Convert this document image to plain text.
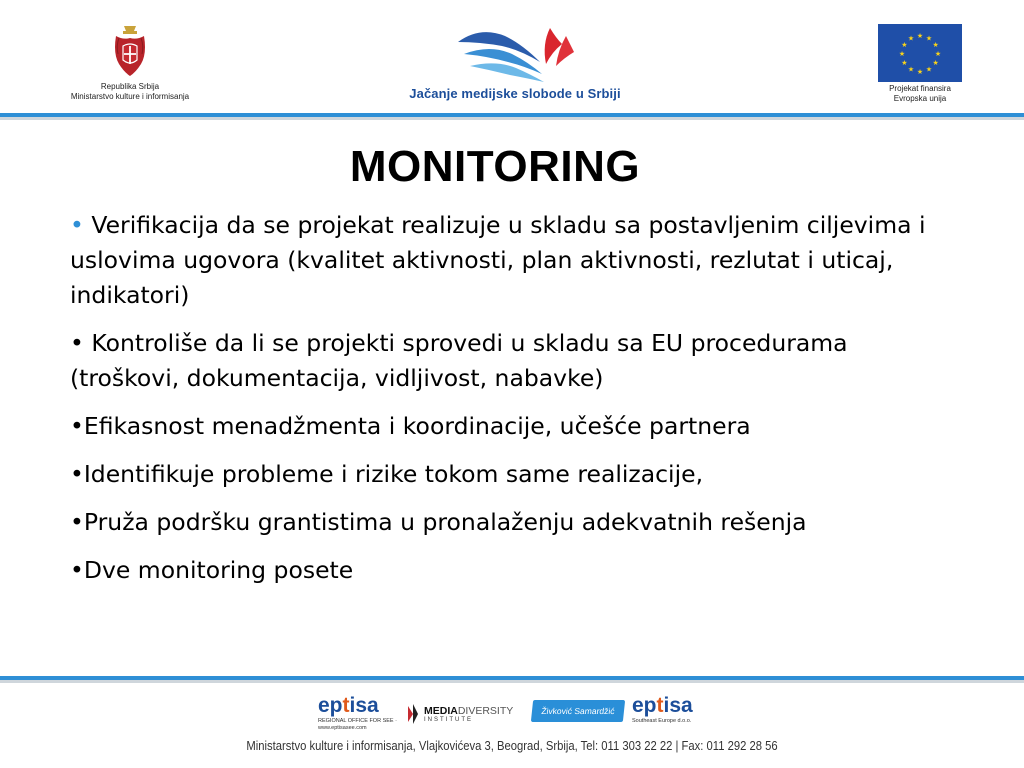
Republika Srbija
Ministarstvo kulture i informisanja	Jačanje medijske slobode u Srbiji
★ ★
★
★
★
★
★
★
★
★
★
★
Projekat finansira
Evropska unija
MONITORING
• Verifikacija da se projekat realizuje u skladu sa postavljenim ciljevima i uslovima ugovora (kvalitet aktivnosti, plan aktivnosti, rezlutat i uticaj, indikatori)
• Kontroliše da li se projekti sprovedi u skladu sa EU procedurama (troškovi, dokumentacija, vidljivost, nabavke)
•Efikasnost menadžmenta i koordinacije, učešće partnera
•Identifikuje probleme i rizike tokom same realizacije,
•Pruža podršku grantistima u pronalaženju adekvatnih rešenja
•Dve monitoring posete
eptisa
REGIONAL OFFICE FOR SEE · www.eptisasee.com
MEDIADIVERSITY
INSTITUTE
Živković Samardžić eptisa
Southeast Europe d.o.o.
Ministarstvo kulture i informisanja, Vlajkovićeva 3, Beograd, Srbija, Tel: 011 303 22 22 | Fax: 011 292 28 56
